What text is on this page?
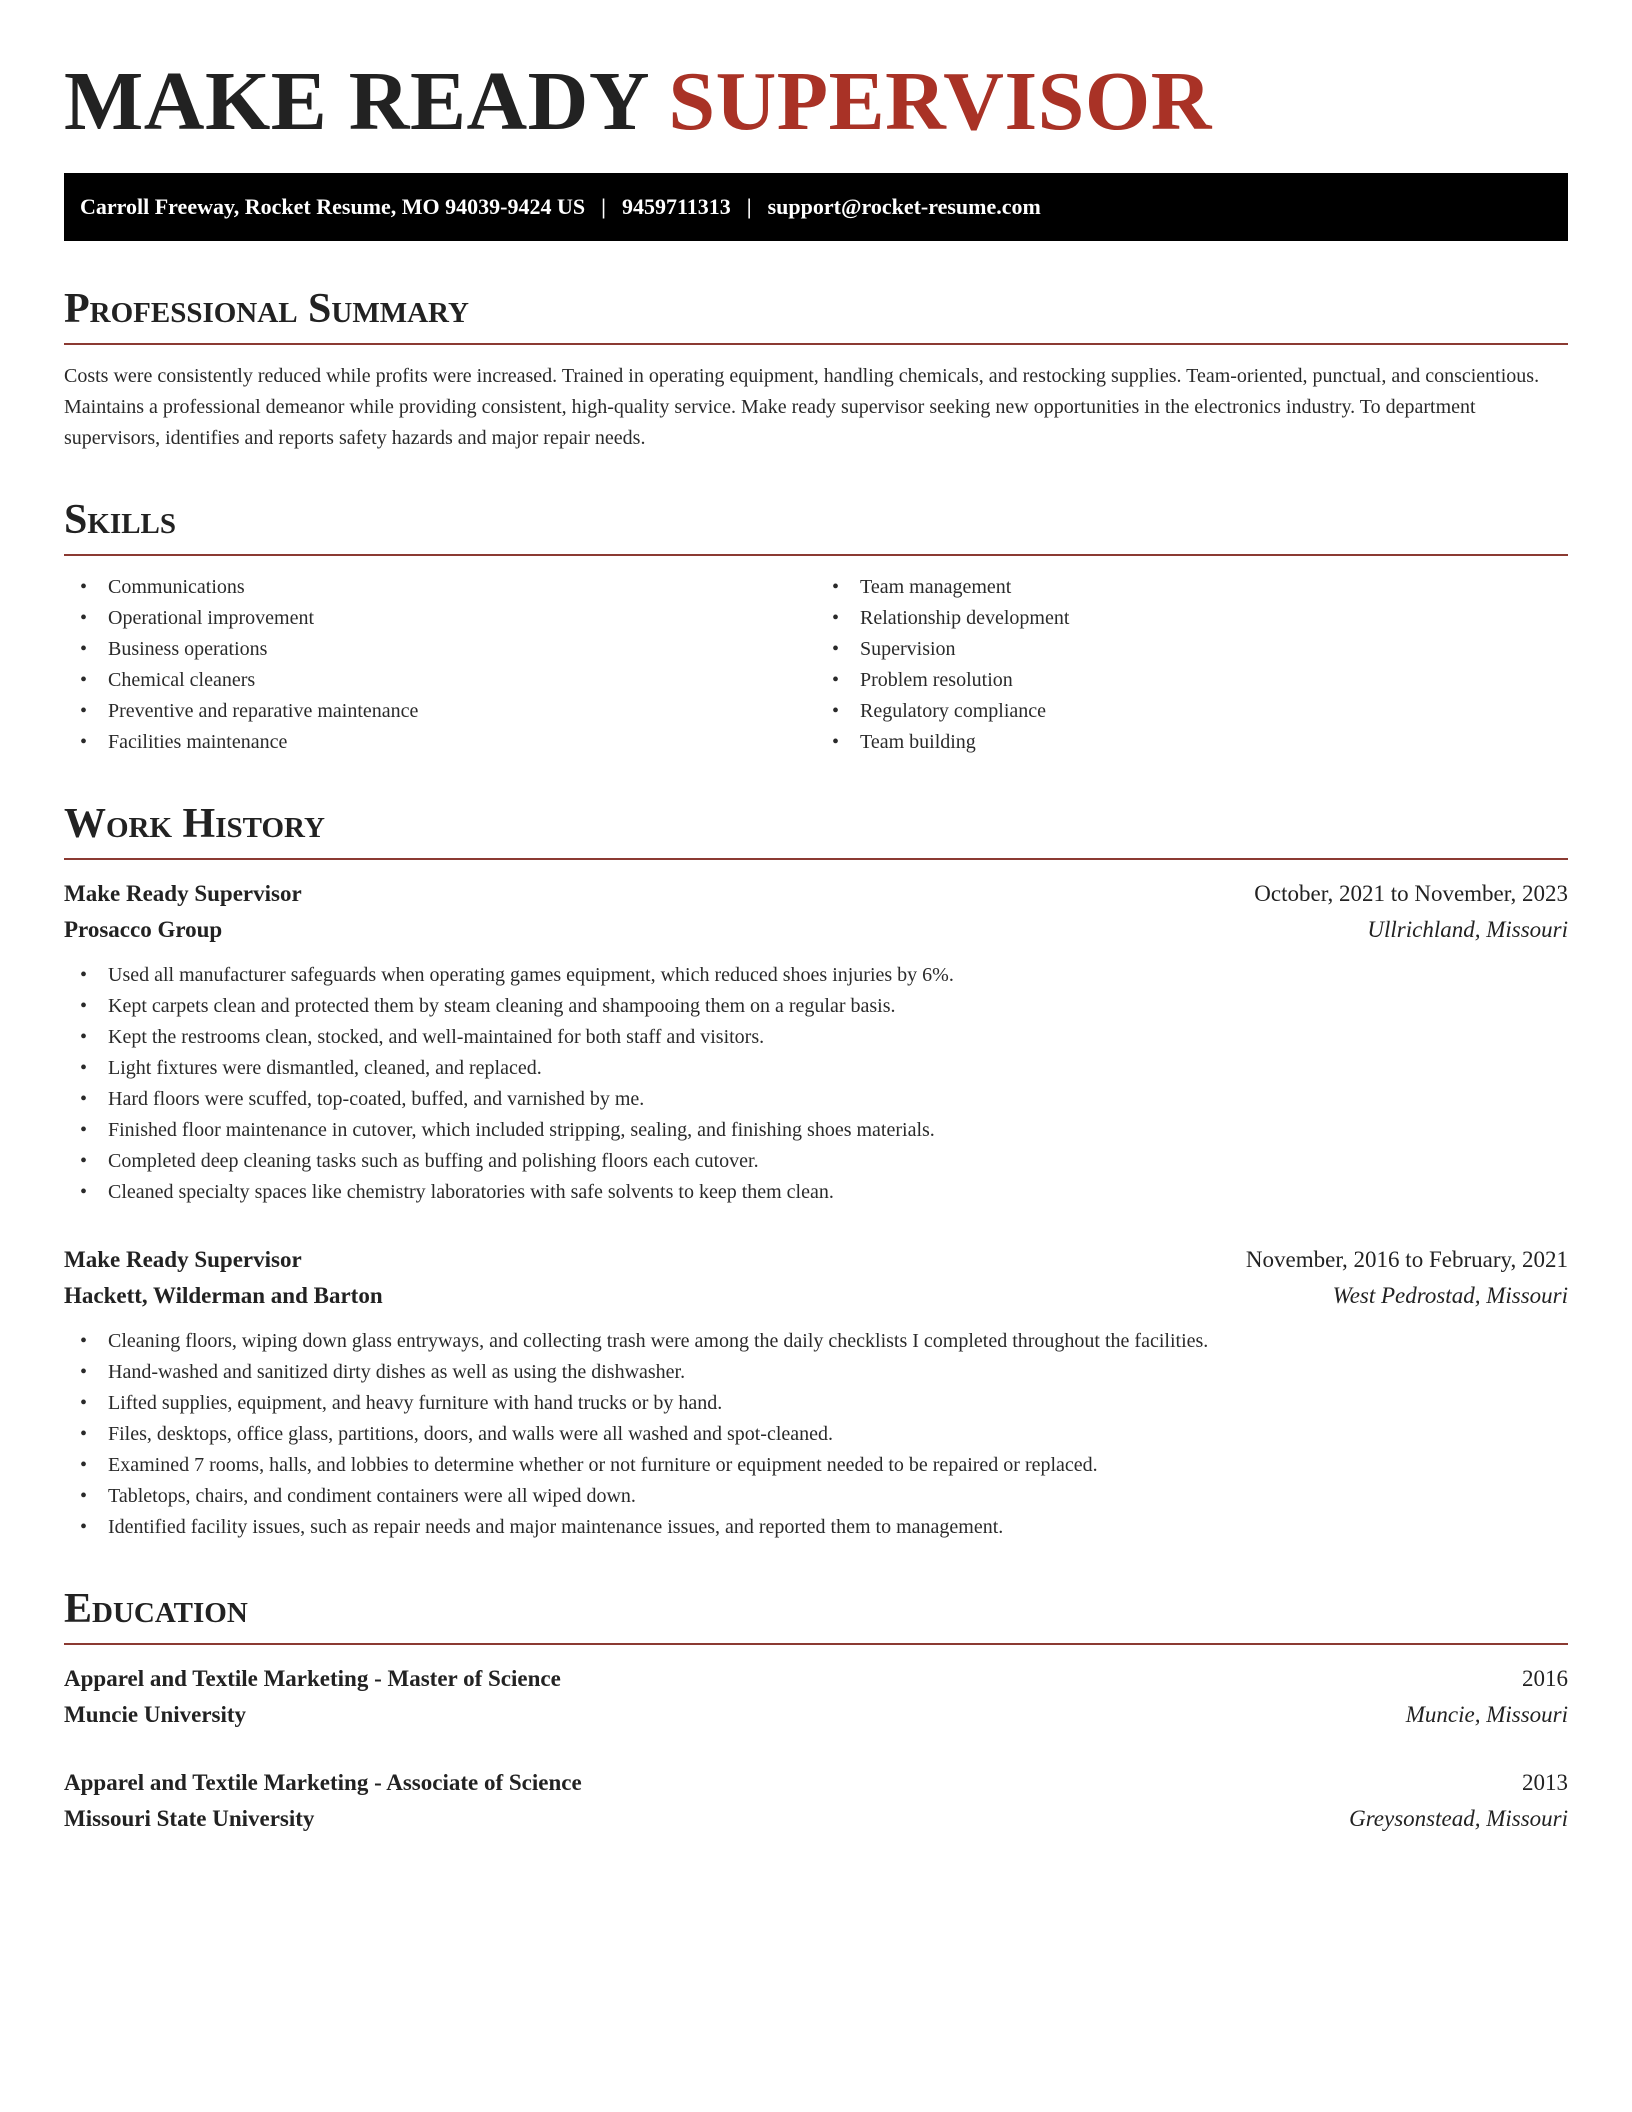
MAKE READY SUPERVISOR
Carroll Freeway, Rocket Resume, MO 94039-9424 US | 9459711313 | support@rocket-resume.com
Professional Summary

Costs were consistently reduced while profits were increased. Trained in operating equipment, handling chemicals, and restocking supplies. Team-oriented, punctual, and conscientious. Maintains a professional demeanor while providing consistent, high-quality service. Make ready supervisor seeking new opportunities in the electronics industry. To department supervisors, identifies and reports safety hazards and major repair needs.

Skills
• Communications
• Operational improvement
• Business operations
• Chemical cleaners
• Preventive and reparative maintenance
• Facilities maintenance
• Team management
• Relationship development
• Supervision
• Problem resolution
• Regulatory compliance
• Team building
Work History
Make Ready Supervisor	October, 2021 to November, 2023
Prosacco Group	Ullrichland, Missouri
• Used all manufacturer safeguards when operating games equipment, which reduced shoes injuries by 6%.
• Kept carpets clean and protected them by steam cleaning and shampooing them on a regular basis.
• Kept the restrooms clean, stocked, and well-maintained for both staff and visitors.
• Light fixtures were dismantled, cleaned, and replaced.
• Hard floors were scuffed, top-coated, buffed, and varnished by me.
• Finished floor maintenance in cutover, which included stripping, sealing, and finishing shoes materials.
• Completed deep cleaning tasks such as buffing and polishing floors each cutover.
• Cleaned specialty spaces like chemistry laboratories with safe solvents to keep them clean.
Make Ready Supervisor	November, 2016 to February, 2021
Hackett, Wilderman and Barton	West Pedrostad, Missouri
• Cleaning floors, wiping down glass entryways, and collecting trash were among the daily checklists I completed throughout the facilities.
• Hand-washed and sanitized dirty dishes as well as using the dishwasher.
• Lifted supplies, equipment, and heavy furniture with hand trucks or by hand.
• Files, desktops, office glass, partitions, doors, and walls were all washed and spot-cleaned.
• Examined 7 rooms, halls, and lobbies to determine whether or not furniture or equipment needed to be repaired or replaced.
• Tabletops, chairs, and condiment containers were all wiped down.
• Identified facility issues, such as repair needs and major maintenance issues, and reported them to management.
Education
Apparel and Textile Marketing - Master of Science	2016
Muncie University	Muncie, Missouri
Apparel and Textile Marketing - Associate of Science	2013
Missouri State University	Greysonstead, Missouri
